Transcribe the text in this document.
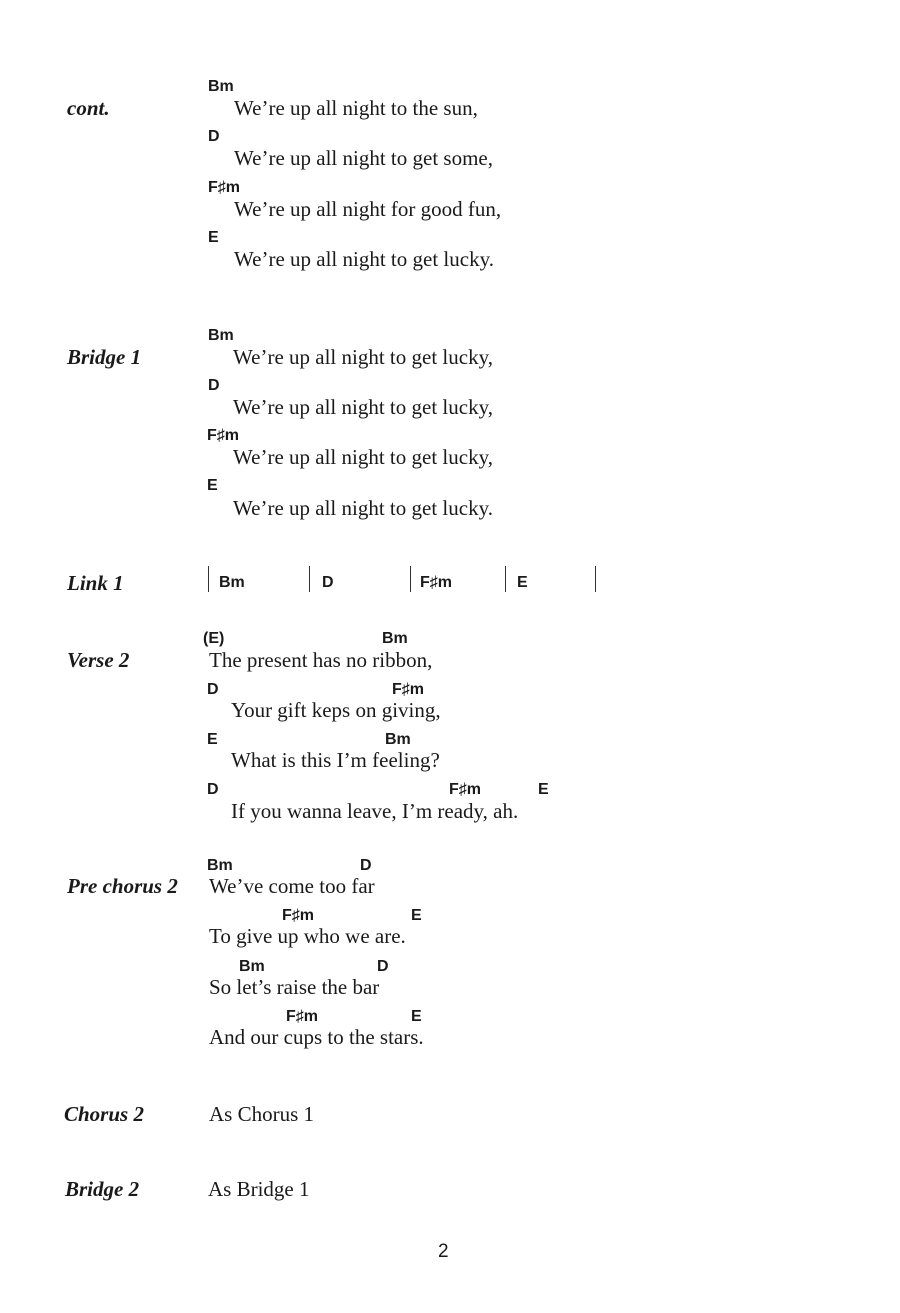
cont.
Bm
We’re up all night to the sun,
D
We’re up all night to get some,
F♯m
We’re up all night for good fun,
E
We’re up all night to get lucky.
Bridge 1
Bm
We’re up all night to get lucky,
D
We’re up all night to get lucky,
F♯m
We’re up all night to get lucky,
E
We’re up all night to get lucky.
Link 1	Bm	D	F♯m	E
Verse 2
(E)	Bm
The present has no ribbon,
D	F♯m
Your gift keps on giving,
E	Bm
What is this I’m feeling?
D	F♯m	E
If you wanna leave, I’m ready, ah.
Pre chorus 2
Bm	D
We’ve come too far
F♯m	E
To give up who we are.
Bm	D
So let’s raise the bar
F♯m	E
And our cups to the stars.
Chorus 2	As Chorus 1
Bridge 2	As Bridge 1
2
